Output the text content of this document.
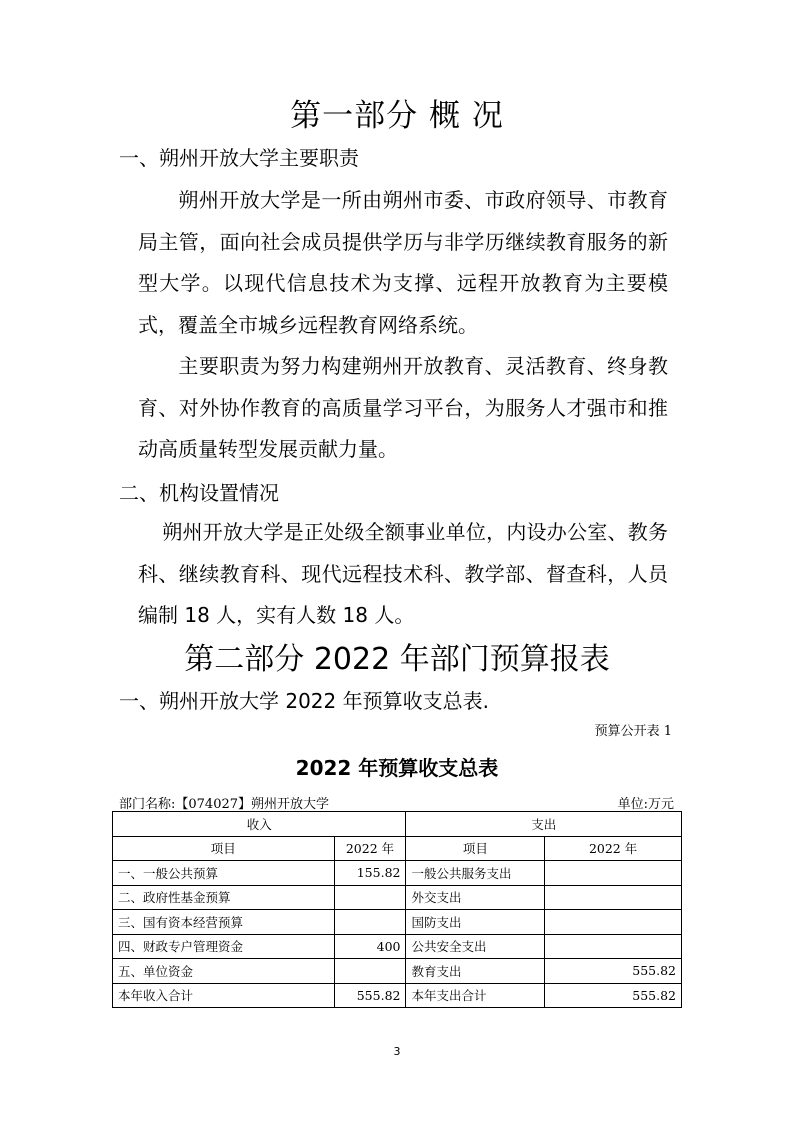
第一部分 概 况
一、朔州开放大学主要职责
朔州开放大学是一所由朔州市委、市政府领导、市教育局主管，面向社会成员提供学历与非学历继续教育服务的新型大学。以现代信息技术为支撑、远程开放教育为主要模式，覆盖全市城乡远程教育网络系统。
主要职责为努力构建朔州开放教育、灵活教育、终身教育、对外协作教育的高质量学习平台，为服务人才强市和推动高质量转型发展贡献力量。
二、机构设置情况
朔州开放大学是正处级全额事业单位，内设办公室、教务科、继续教育科、现代远程技术科、教学部、督查科，人员编制 18 人，实有人数 18 人。
第二部分 2022 年部门预算报表
一、朔州开放大学 2022 年预算收支总表.
预算公开表 1
2022 年预算收支总表
部门名称:【074027】朔州开放大学	单位:万元
收入		支出	
项目	2022 年	项目	2022 年
一、一般公共预算	155.82	一般公共服务支出	
二、政府性基金预算		外交支出	
三、国有资本经营预算		国防支出	
四、财政专户管理资金	400	公共安全支出	
五、单位资金		教育支出	555.82
本年收入合计	555.82	本年支出合计	555.82
3
